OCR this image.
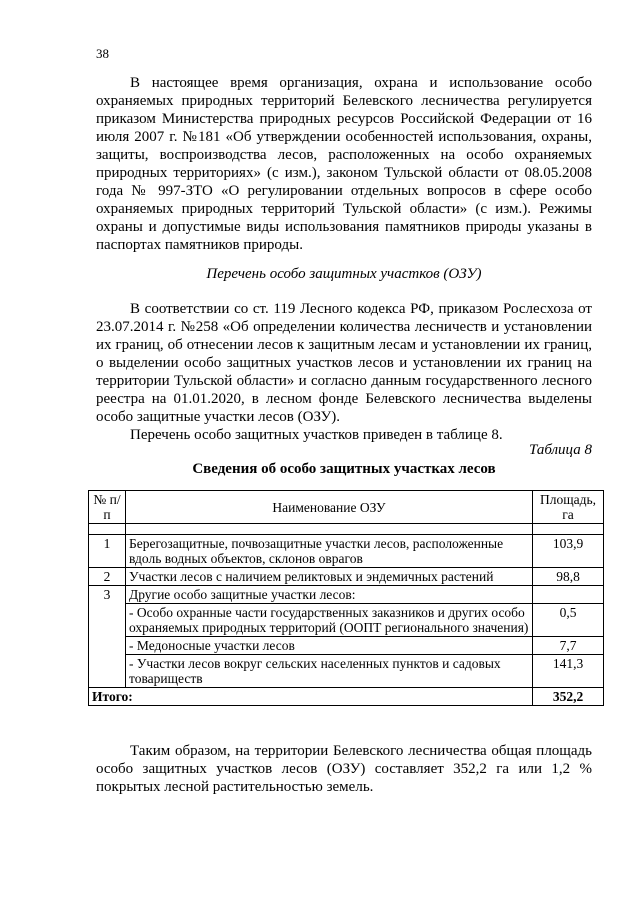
38

В настоящее время организация, охрана и использование особо охраняемых природных территорий Белевского лесничества регулируется приказом Министерства природных ресурсов Российской Федерации от 16 июля 2007 г. №181 «Об утверждении особенностей использования, охраны, защиты, воспроизводства лесов, расположенных на особо охраняемых природных территориях» (с изм.), законом Тульской области от 08.05.2008 года № 997-ЗТО «О регулировании отдельных вопросов в сфере особо охраняемых природных территорий Тульской области» (с изм.). Режимы охраны и допустимые виды использования памятников природы указаны в паспортах памятников природы.

Перечень особо защитных участков (ОЗУ)

В соответствии со ст. 119 Лесного кодекса РФ, приказом Рослесхоза от 23.07.2014 г. №258 «Об определении количества лесничеств и установлении их границ, об отнесении лесов к защитным лесам и установлении их границ, о выделении особо защитных участков лесов и установлении их границ на территории Тульской области» и согласно данным государственного лесного реестра на 01.01.2020, в лесном фонде Белевского лесничества выделены особо защитные участки лесов (ОЗУ).

Перечень особо защитных участков приведен в таблице 8.

Таблица 8
Сведения об особо защитных участках лесов
№ п/п	Наименование ОЗУ	Площадь, га

1	Берегозащитные, почвозащитные участки лесов, расположенные вдоль водных объектов, склонов оврагов	103,9
2	Участки лесов с наличием реликтовых и эндемичных растений	98,8
3	Другие особо защитные участки лесов:	
	- Особо охранные части государственных заказников и других особо охраняемых природных территорий (ООПТ регионального значения)	0,5
	- Медоносные участки лесов	7,7
	- Участки лесов вокруг сельских населенных пунктов и садовых товариществ	141,3
Итого:		352,2

Таким образом, на территории Белевского лесничества общая площадь особо защитных участков лесов (ОЗУ) составляет 352,2 га или 1,2 % покрытых лесной растительностью земель.
